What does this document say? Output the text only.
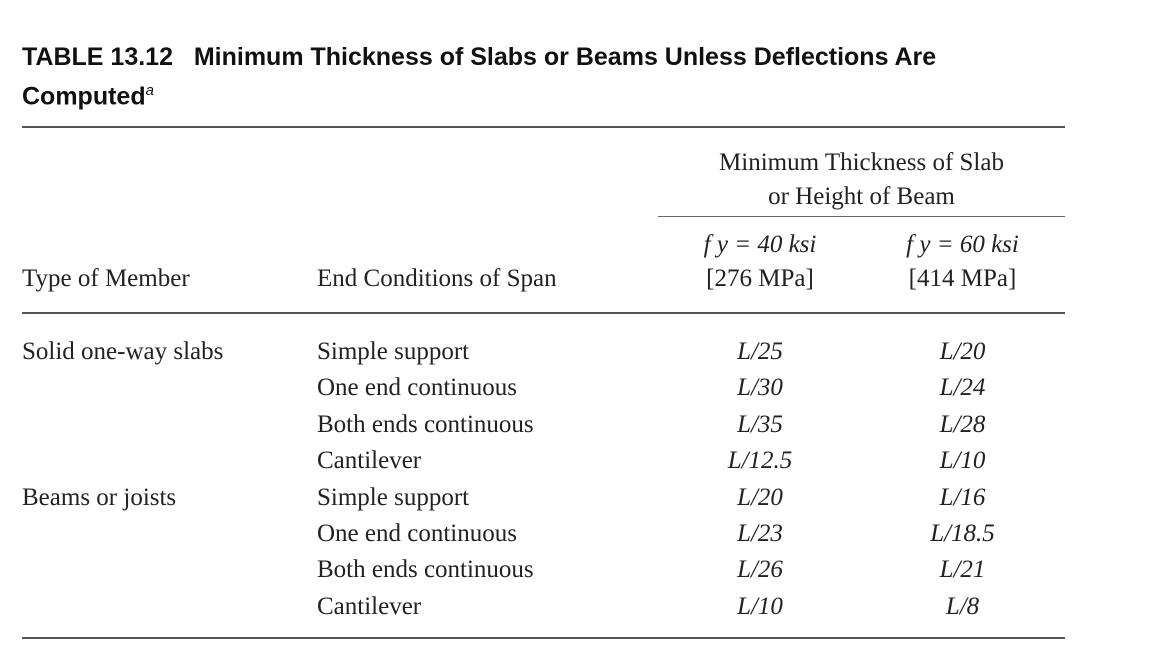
TABLE 13.12 Minimum Thickness of Slabs or Beams Unless Deflections Are Computed$^a$
Minimum Thickness of Slab
or Height of Beam
Type of Member	End Conditions of Span
f y = 40 ksi
[276 MPa]
f y = 60 ksi
[414 MPa]
Solid one-way slabs	Simple support	L/25	L/20
One end continuous	L/30	L/24
Both ends continuous	L/35	L/28
Cantilever	L/12.5	L/10
Beams or joists	Simple support	L/20	L/16
One end continuous	L/23	L/18.5
Both ends continuous	L/26	L/21
Cantilever	L/10	L/8
